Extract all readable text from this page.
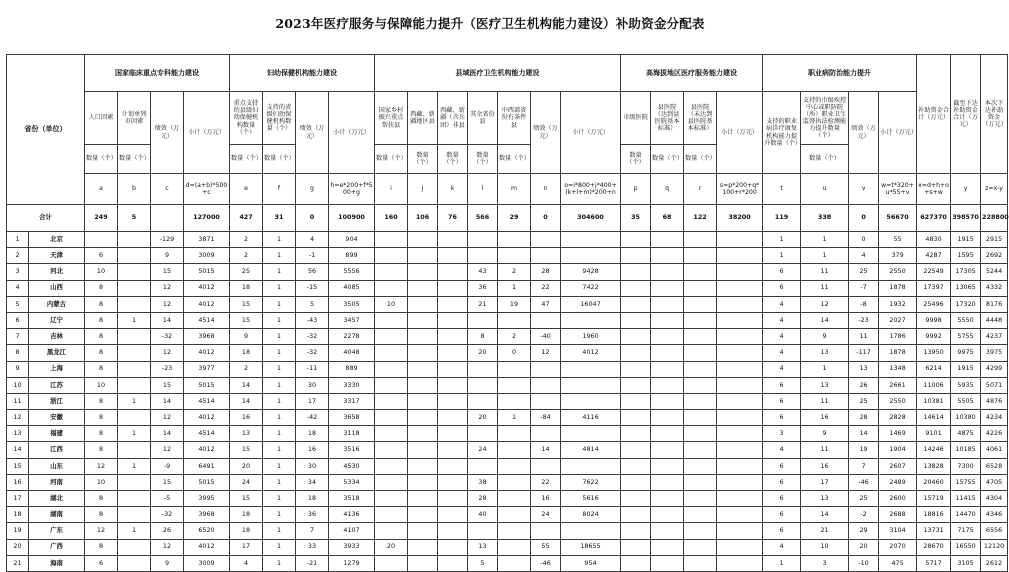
2023年医疗服务与保障能力提升（医疗卫生机构能力建设）补助资金分配表
省份（单位）		国家临床重点专科能力建设				妇幼保健机构能力建设				县域医疗卫生机构能力建设							高海拔地区医疗服务能力建设				职业病防治能力提升				补助资金合计（万元）	截至下达补助资金合计（万元）	本次下达补助资金（万元）
		人口因素	计划单列市因素	绩效（万元）	小计（万元）	重点支持的县级妇幼保健机构数量（个）	支持的省级妇幼保健机构数量（个）	绩效（万元）	小计（万元）	国家乡村振兴重点帮扶县	西藏、新疆地区县	西藏、新疆（含兵团）非县	其余省份县	中西部省份有条件县	绩效（万元）	小计（万元）	市级医院	县医院（达到县医院基本标准）	县医院（未达到县医院基本标准）	小计（万元）	支持的职业病诊疗康复机构能力提升数量（个）	支持的市级疾控中心或职防院（所）职业卫生监督执法检测能力提升数量（个）	绩效（万元）	小计（万元）			
		数量（个）	数量（个）			数量（个）	数量（个）			数量（个）	数量（个）	数量（个）	数量（个）	数量（个）			数量（个）	数量（个）	数量（个）			数量（个）					
		a	b	c	d=(a+b)*500+c	e	f	g	h=e*200+f*500+g	i	j	k	l	m	n	o=i*800+j*400+(k+l+m)*200+n	p	q	r	s=p*200+q*100+r*200	t	u	v	w=t*320+u*55+v	x=d+h+o+s+w	y	z=x-y
合计		249	5		127000	427	31	0	100900	160	106	76	566	29	0	304600	35	68	122	38200	119	338	0	56670	627370	398570	228800
1	北京			-129	3871	2	1	4	904												1	1	0	55	4830	1915	2915
2	天津	6		9	3009	2	1	-1	899												1	1	4	379	4287	1595	2692
3	河北	10		15	5015	25	1	56	5556				43	2	28	9428					6	11	25	2550	22549	17305	5244
4	山西	8		12	4012	18	1	-15	4085				36	1	22	7422					6	11	-7	1878	17397	13065	4332
5	内蒙古	8		12	4012	15	1	5	3505	10			21	19	47	16047					4	12	-8	1932	25496	17320	8176
6	辽宁	8	1	14	4514	15	1	-43	3457												4	14	-23	2027	9998	5550	4448
7	吉林	8		-32	3968	9	1	-32	2278				8	2	-40	1960					4	9	11	1786	9992	5755	4237
8	黑龙江	8		12	4012	18	1	-32	4048				20	0	12	4012					4	13	-117	1878	13950	9975	3975
9	上海	8		-23	3977	2	1	-11	889												4	1	13	1348	6214	1915	4299
10	江苏	10		15	5015	14	1	30	3330												6	13	26	2661	11006	5935	5071
11	浙江	8	1	14	4514	14	1	17	3317												6	11	25	2550	10381	5505	4876
12	安徽	8		12	4012	16	1	-42	3658				20	1	-84	4116					6	16	28	2828	14614	10380	4234
13	福建	8	1	14	4514	13	1	18	3118												3	9	14	1469	9101	4875	4226
14	江西	8		12	4012	15	1	16	3516				24		14	4814					4	11	19	1904	14246	10185	4061
15	山东	12	1	-9	6491	20	1	30	4530												6	16	7	2607	13828	7300	6528
16	河南	10		15	5015	24	1	34	5334				38		22	7622					6	17	-46	2489	20460	15755	4705
17	湖北	8		-5	3995	15	1	18	3518				28		16	5616					6	13	25	2600	15719	11415	4304
18	湖南	8		-32	3968	18	1	36	4136				40		24	8024					6	14	-2	2688	18816	14470	4346
19	广东	12	1	26	6520	18	1	7	4107												6	21	29	3104	13731	7175	6556
20	广西	8		12	4012	17	1	33	3933	20			13		55	18655					4	10	20	2070	28670	16550	12120
21	海南	6		9	3009	4	1	-21	1279				5		-46	954					1	3	-10	475	5717	3105	2612
